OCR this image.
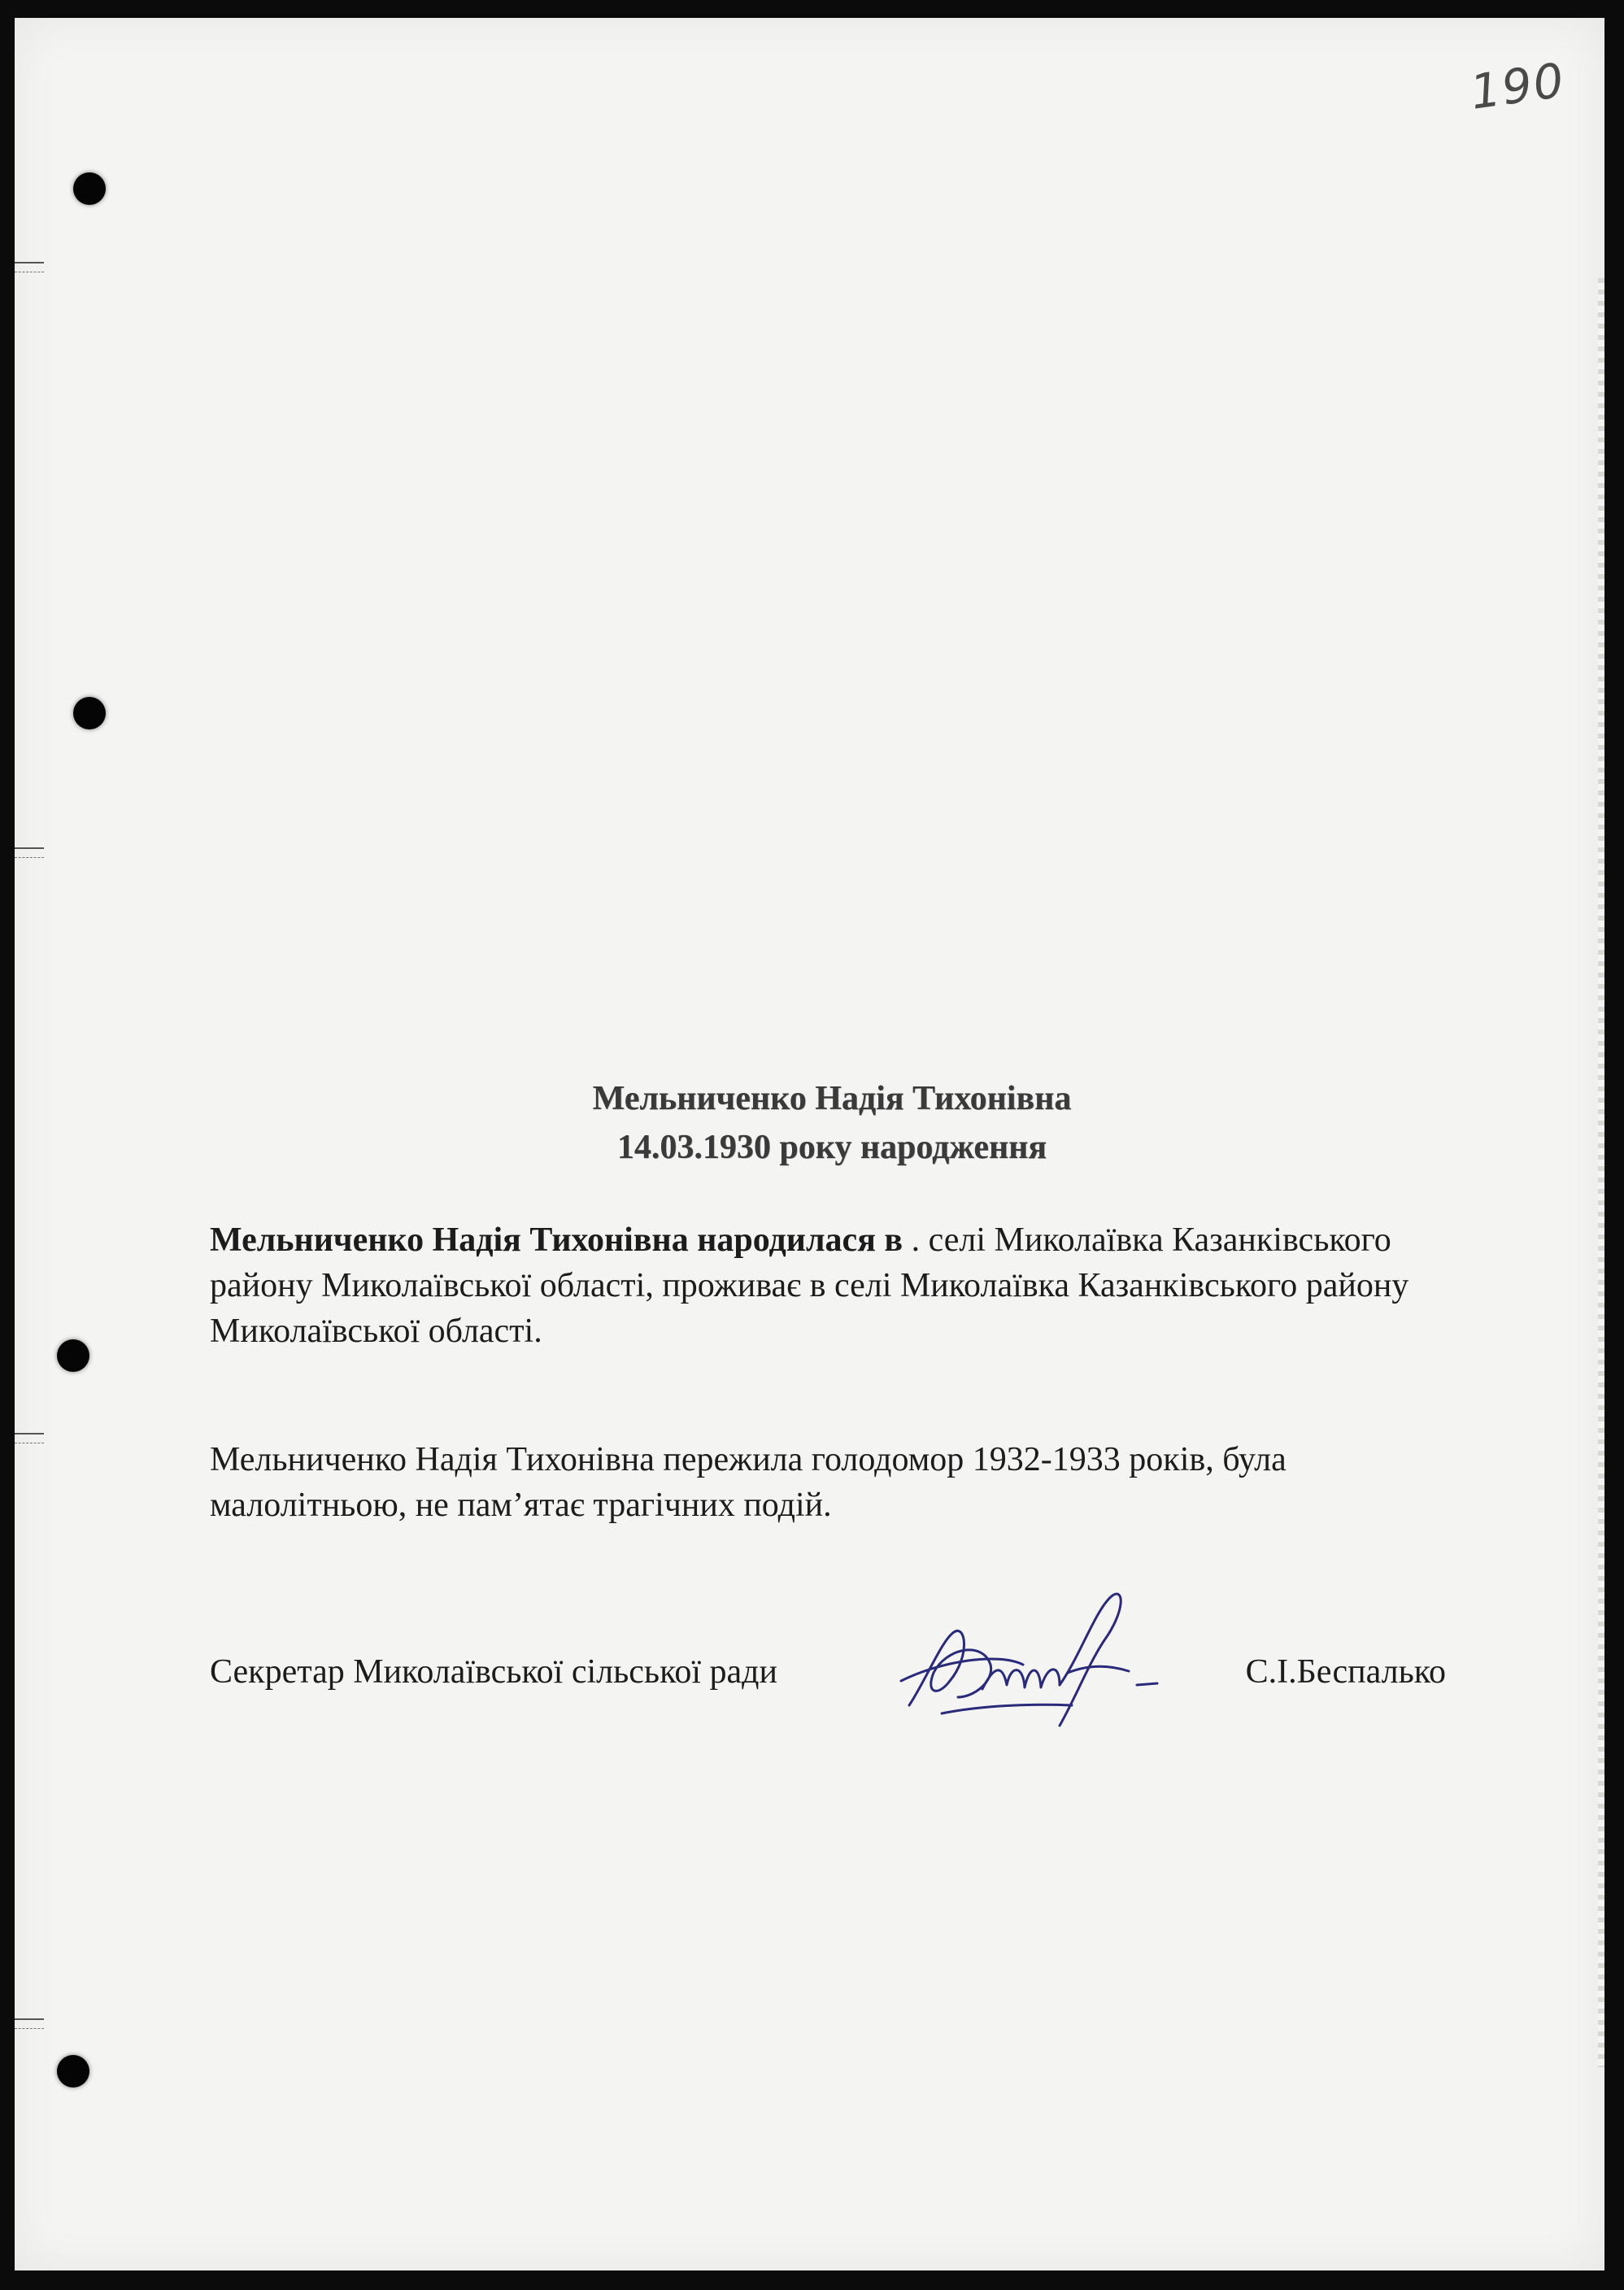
190
Мельниченко Надія Тихонівна
14.03.1930 року народження
Мельниченко Надія Тихонівна народилася в . селі Миколаївка Казанківського району Миколаївської області, проживає в селі Миколаївка Казанківського району Миколаївської області.
Мельниченко Надія Тихонівна пережила голодомор 1932-1933 років, була малолітньою, не пам’ятає трагічних подій.
Секретар Миколаївської сільської ради	С.І.Беспалько
